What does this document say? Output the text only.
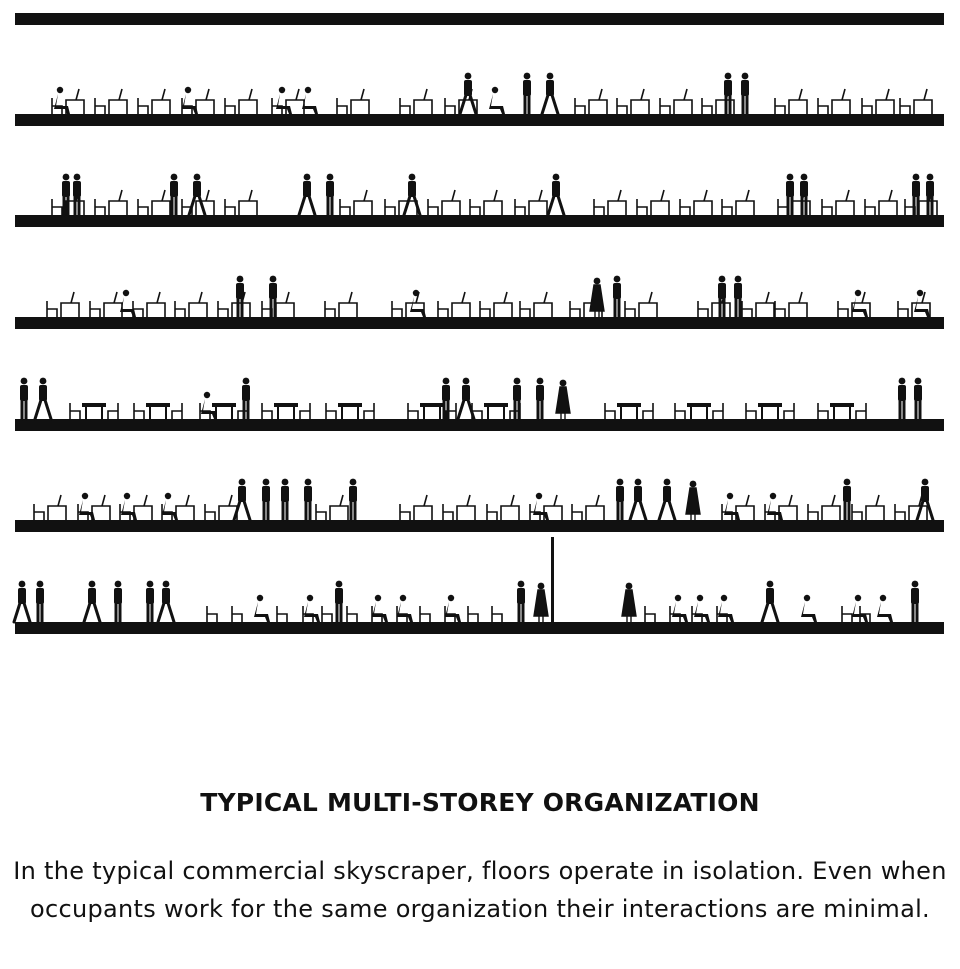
TYPICAL MULTI-STOREY ORGANIZATION

In the typical commercial skyscraper, floors operate in isolation. Even when occupants work for the same organization their interactions are minimal.
